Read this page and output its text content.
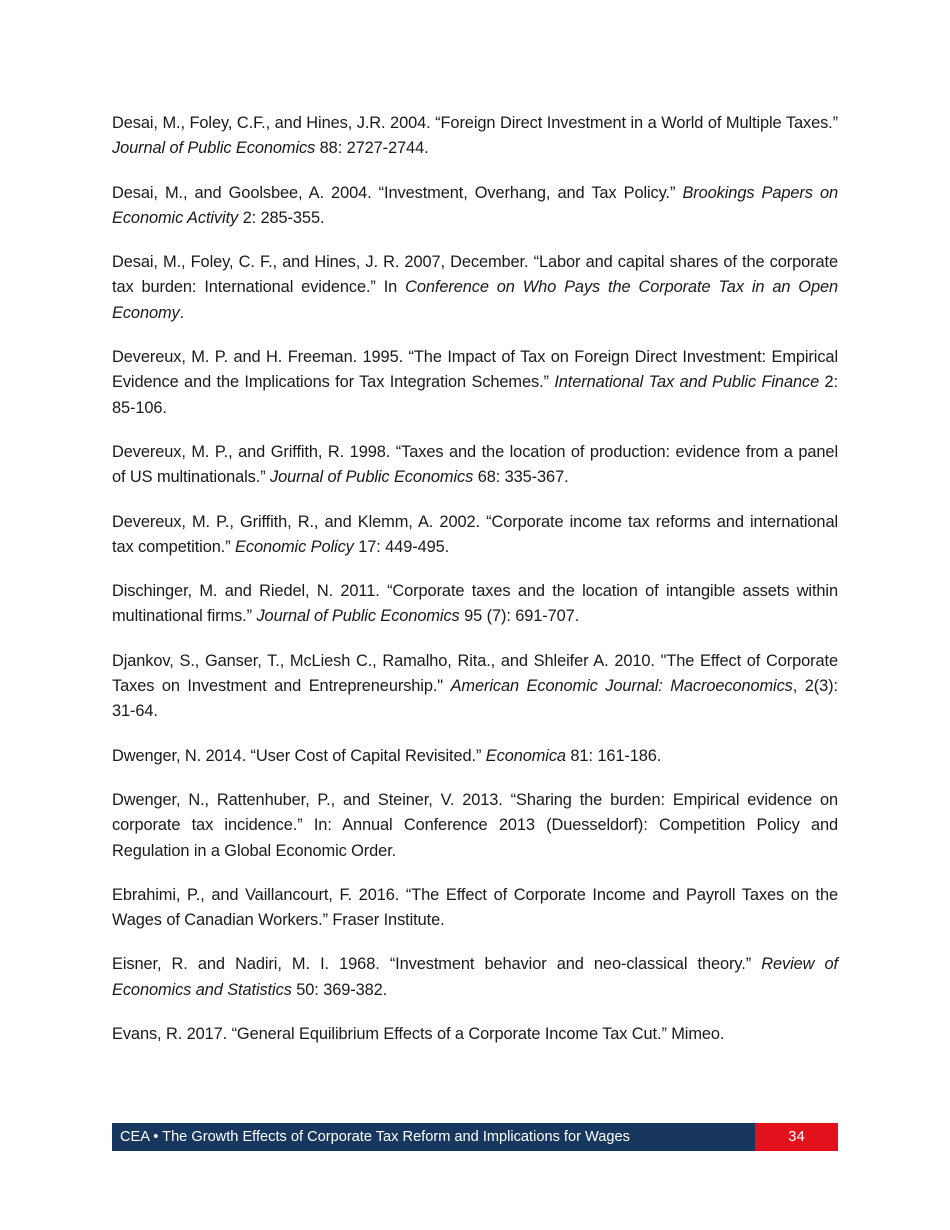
Desai, M., Foley, C.F., and Hines, J.R. 2004. “Foreign Direct Investment in a World of Multiple Taxes.” Journal of Public Economics 88: 2727-2744.

Desai, M., and Goolsbee, A. 2004. “Investment, Overhang, and Tax Policy.” Brookings Papers on Economic Activity 2: 285-355.

Desai, M., Foley, C. F., and Hines, J. R. 2007, December. “Labor and capital shares of the corporate tax burden: International evidence.” In Conference on Who Pays the Corporate Tax in an Open Economy.

Devereux, M. P. and H. Freeman. 1995. “The Impact of Tax on Foreign Direct Investment: Empirical Evidence and the Implications for Tax Integration Schemes.” International Tax and Public Finance 2: 85-106.

Devereux, M. P., and Griffith, R. 1998. “Taxes and the location of production: evidence from a panel of US multinationals.” Journal of Public Economics 68: 335-367.

Devereux, M. P., Griffith, R., and Klemm, A. 2002. “Corporate income tax reforms and international tax competition.” Economic Policy 17: 449-495.

Dischinger, M. and Riedel, N. 2011. “Corporate taxes and the location of intangible assets within multinational firms.” Journal of Public Economics 95 (7): 691-707.

Djankov, S., Ganser, T., McLiesh C., Ramalho, Rita., and Shleifer A. 2010. "The Effect of Corporate Taxes on Investment and Entrepreneurship." American Economic Journal: Macroeconomics, 2(3): 31-64.

Dwenger, N. 2014. “User Cost of Capital Revisited.” Economica 81: 161-186.

Dwenger, N., Rattenhuber, P., and Steiner, V. 2013. “Sharing the burden: Empirical evidence on corporate tax incidence.” In: Annual Conference 2013 (Duesseldorf): Competition Policy and Regulation in a Global Economic Order.

Ebrahimi, P., and Vaillancourt, F. 2016. “The Effect of Corporate Income and Payroll Taxes on the Wages of Canadian Workers.” Fraser Institute.

Eisner, R. and Nadiri, M. I. 1968. “Investment behavior and neo-classical theory.” Review of Economics and Statistics 50: 369-382.

Evans, R. 2017. “General Equilibrium Effects of a Corporate Income Tax Cut.” Mimeo.

CEA • The Growth Effects of Corporate Tax Reform and Implications for Wages	34
